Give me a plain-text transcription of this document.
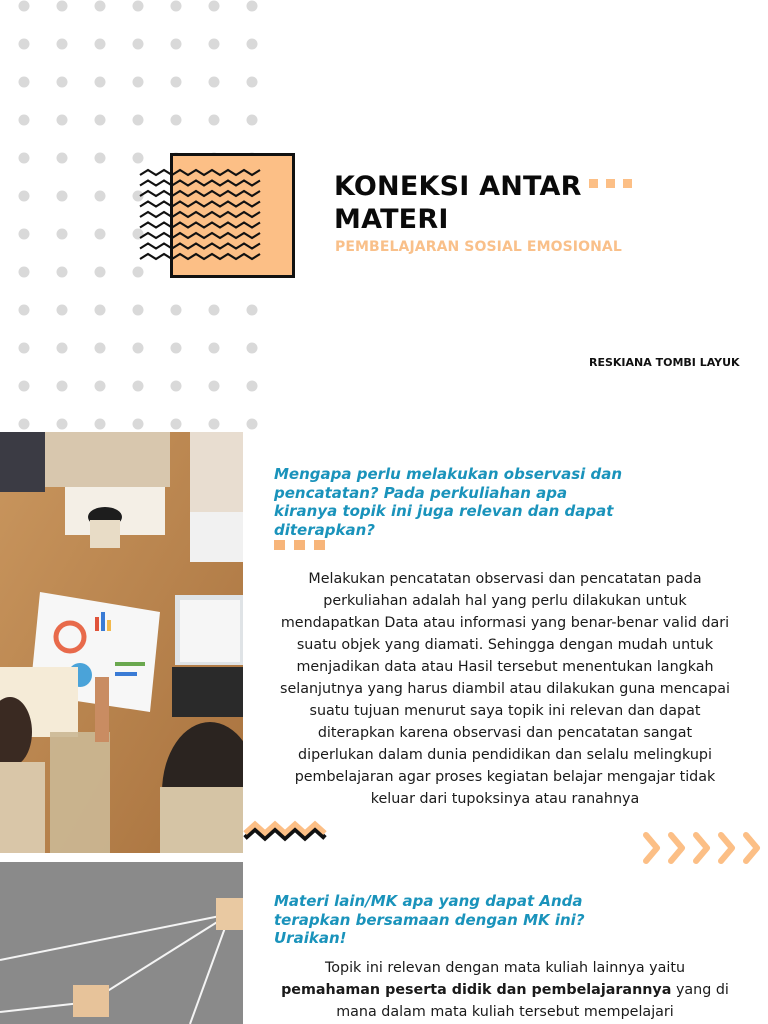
KONEKSI ANTAR MATERI
PEMBELAJARAN SOSIAL EMOSIONAL
RESKIANA TOMBI LAYUK
Mengapa perlu melakukan observasi dan pencatatan? Pada perkuliahan apa kiranya topik ini juga relevan dan dapat diterapkan?
Melakukan pencatatan observasi dan pencatatan pada perkuliahan adalah hal yang perlu dilakukan untuk mendapatkan Data atau informasi yang benar-benar valid dari suatu objek yang diamati. Sehingga dengan mudah untuk menjadikan data atau Hasil tersebut menentukan langkah selanjutnya yang harus diambil atau dilakukan guna mencapai suatu tujuan menurut saya topik ini relevan dan dapat diterapkan karena observasi dan pencatatan sangat diperlukan dalam dunia pendidikan dan selalu melingkupi pembelajaran agar proses kegiatan belajar mengajar tidak keluar dari tupoksinya atau ranahnya
Materi lain/MK apa yang dapat Anda terapkan bersamaan dengan MK ini? Uraikan!
Topik ini relevan dengan mata kuliah lainnya yaitu pemahaman peserta didik dan pembelajarannya yang di mana dalam mata kuliah tersebut mempelajari
